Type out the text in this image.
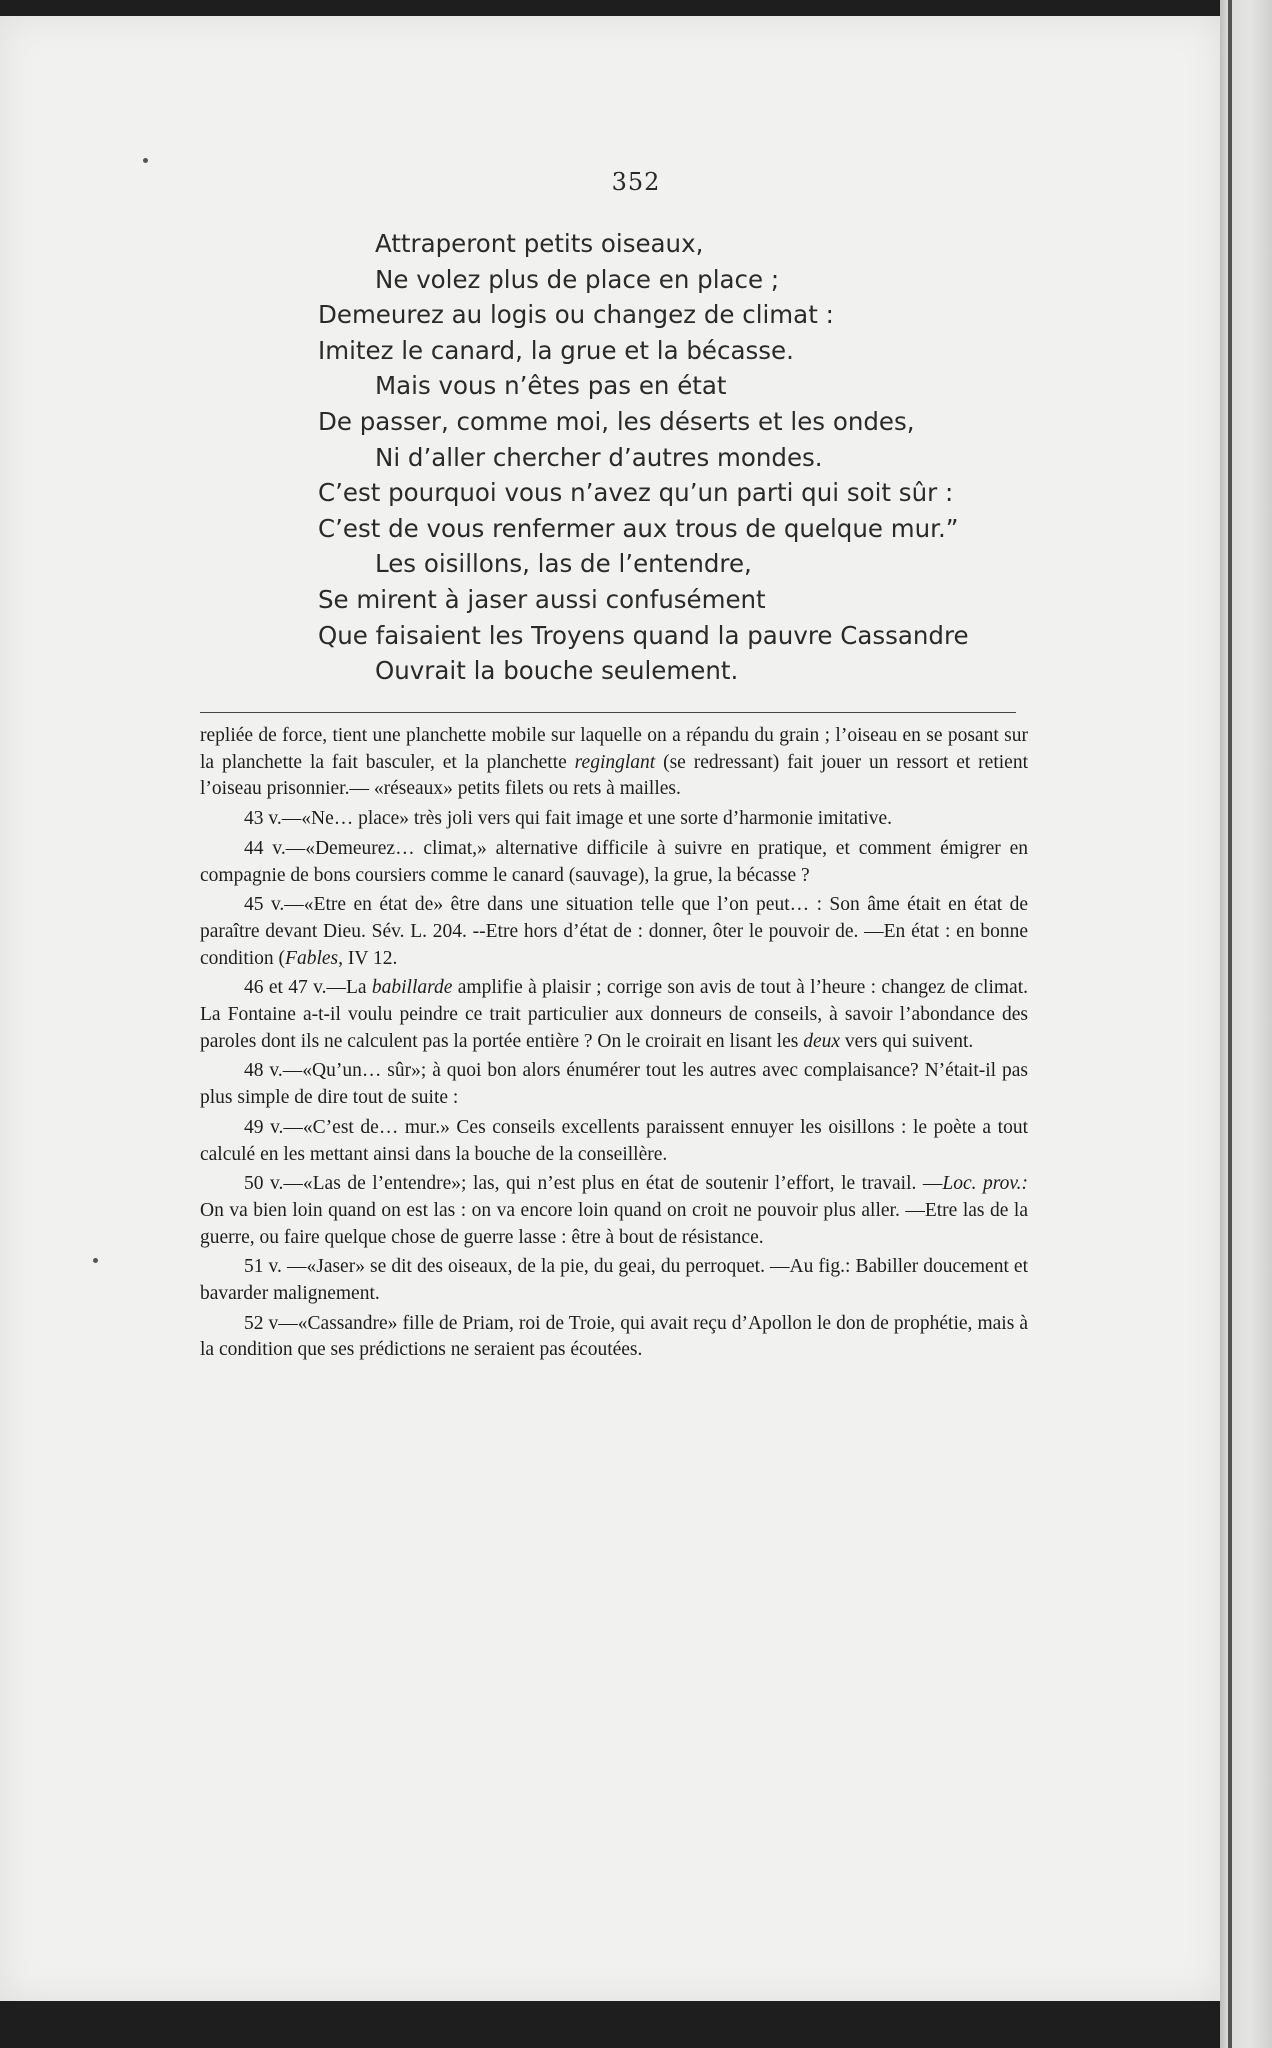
352
Attraperont petits oiseaux,
Ne volez plus de place en place ;
Demeurez au logis ou changez de climat :
Imitez le canard, la grue et la bécasse.
Mais vous n’êtes pas en état
De passer, comme moi, les déserts et les ondes,
Ni d’aller chercher d’autres mondes.
C’est pourquoi vous n’avez qu’un parti qui soit sûr :
C’est de vous renfermer aux trous de quelque mur.”
Les oisillons, las de l’entendre,
Se mirent à jaser aussi confusément
Que faisaient les Troyens quand la pauvre Cassandre
Ouvrait la bouche seulement.

repliée de force, tient une planchette mobile sur laquelle on a répandu du grain ; l’oiseau en se posant sur la planchette la fait basculer, et la planchette reginglant (se redressant) fait jouer un ressort et retient l’oiseau prisonnier.— «réseaux» petits filets ou rets à mailles.

43 v.—«Ne… place» très joli vers qui fait image et une sorte d’harmonie imitative.

44 v.—«Demeurez… climat,» alternative difficile à suivre en pratique, et comment émigrer en compagnie de bons coursiers comme le canard (sauvage), la grue, la bécasse ?

45 v.—«Etre en état de» être dans une situation telle que l’on peut… : Son âme était en état de paraître devant Dieu. Sév. L. 204. --Etre hors d’état de : donner, ôter le pouvoir de. —En état : en bonne condition (Fables, IV 12.

46 et 47 v.—La babillarde amplifie à plaisir ; corrige son avis de tout à l’heure : changez de climat. La Fontaine a-t-il voulu peindre ce trait particulier aux donneurs de conseils, à savoir l’abondance des paroles dont ils ne calculent pas la portée entière ? On le croirait en lisant les deux vers qui suivent.

48 v.—«Qu’un… sûr»; à quoi bon alors énumérer tout les autres avec complaisance? N’était-il pas plus simple de dire tout de suite :

49 v.—«C’est de… mur.» Ces conseils excellents paraissent ennuyer les oisillons : le poète a tout calculé en les mettant ainsi dans la bouche de la conseillère.

50 v.—«Las de l’entendre»; las, qui n’est plus en état de soutenir l’effort, le travail. —Loc. prov.: On va bien loin quand on est las : on va encore loin quand on croit ne pouvoir plus aller. —Etre las de la guerre, ou faire quelque chose de guerre lasse : être à bout de résistance.

51 v. —«Jaser» se dit des oiseaux, de la pie, du geai, du perroquet. —Au fig.: Babiller doucement et bavarder malignement.

52 v—«Cassandre» fille de Priam, roi de Troie, qui avait reçu d’Apollon le don de prophétie, mais à la condition que ses prédictions ne seraient pas écoutées.
